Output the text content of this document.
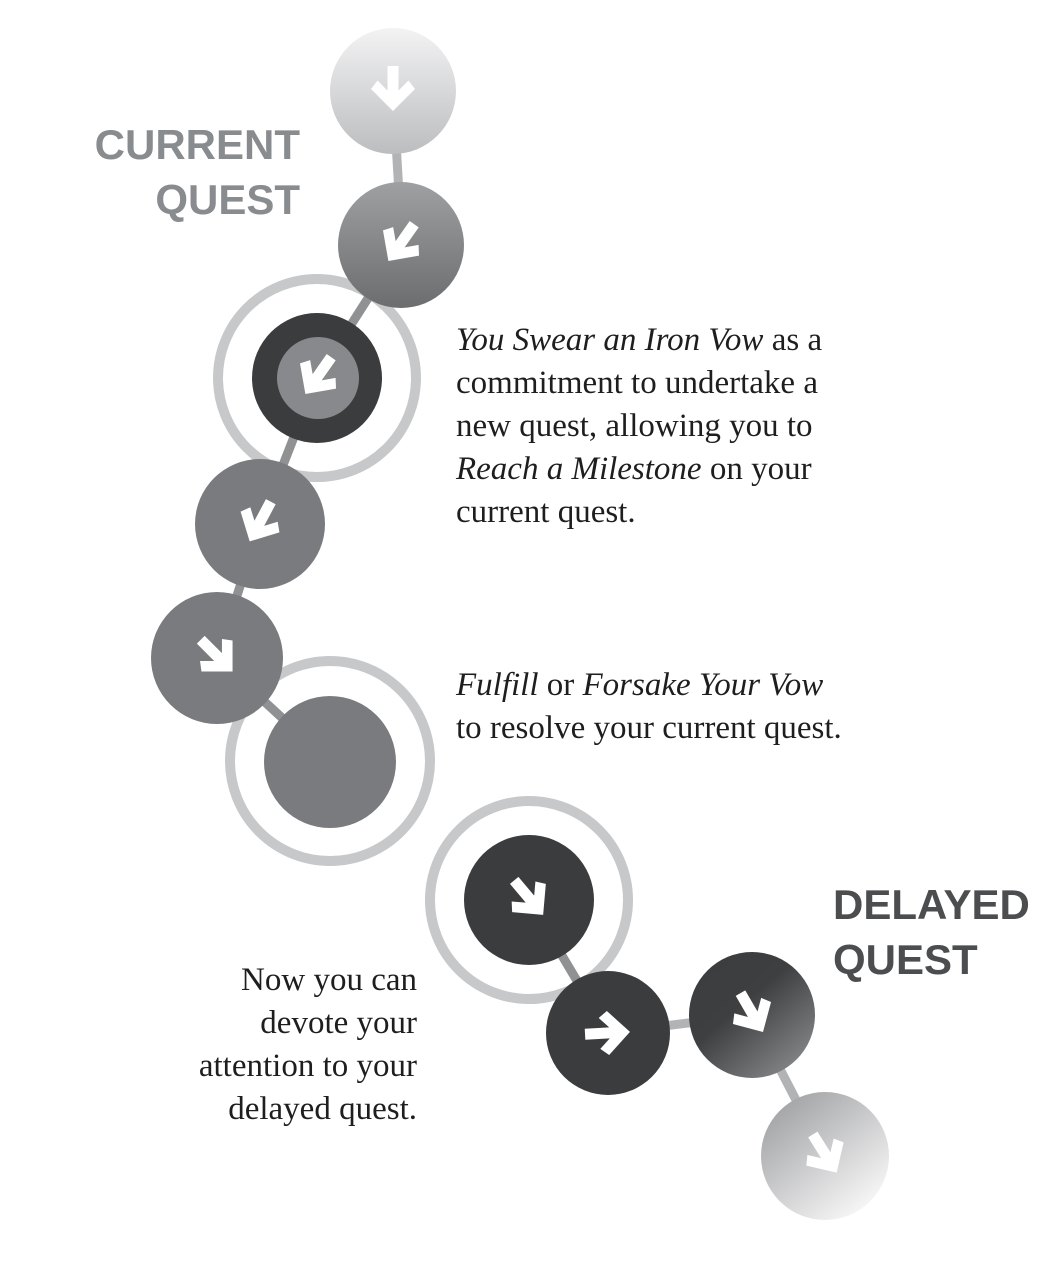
CURRENT
QUEST
DELAYED
QUEST
You Swear an Iron Vow as a
commitment to undertake a
new quest, allowing you to
Reach a Milestone on your
current quest.
Fulfill or Forsake Your Vow
to resolve your current quest.
Now you can
devote your
attention to your
delayed quest.
